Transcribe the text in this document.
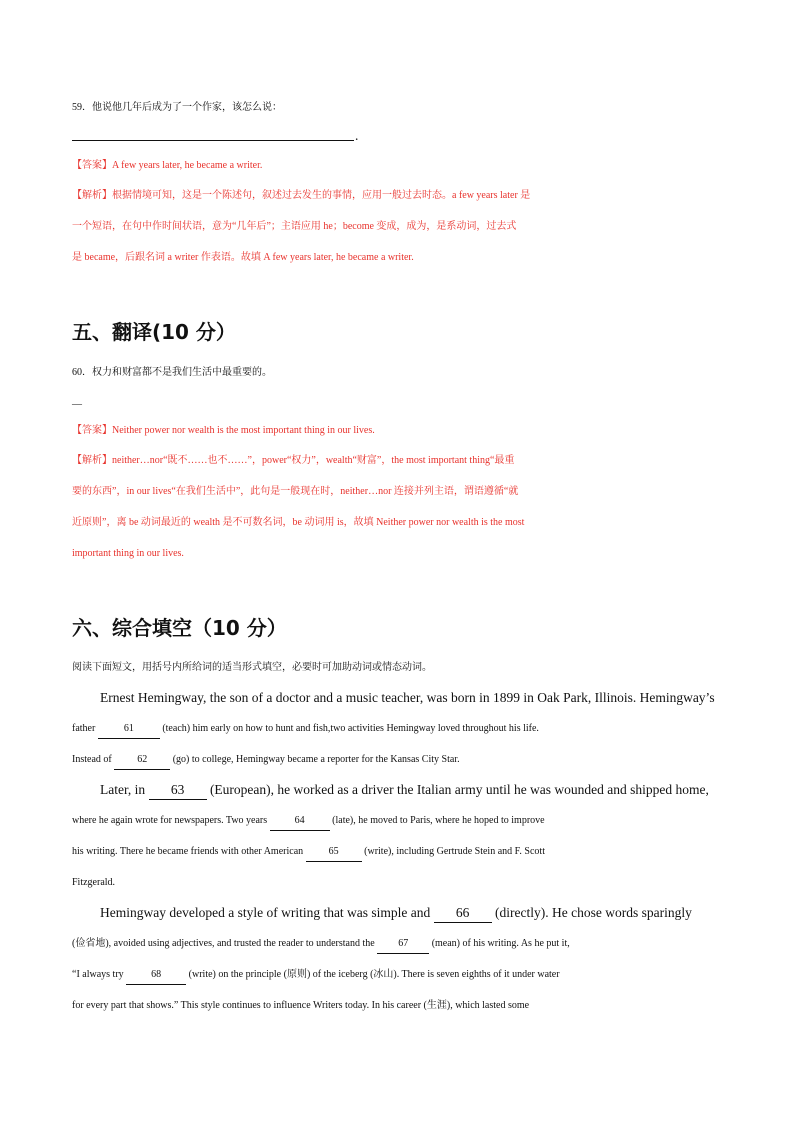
59．他说他几年后成为了一个作家，该怎么说：
.
【答案】A few years later, he became a writer.
【解析】根据情境可知，这是一个陈述句，叙述过去发生的事情，应用一般过去时态。a few years later 是
一个短语，在句中作时间状语，意为“几年后”；主语应用 he；become 变成，成为，是系动词，过去式
是 became，后跟名词 a writer 作表语。故填 A few years later, he became a writer.
五、翻译(10 分）
60．权力和财富都不是我们生活中最重要的。
—
【答案】Neither power nor wealth is the most important thing in our lives.
【解析】neither…nor“既不……也不……”，power“权力”，wealth“财富”，the most important thing“最重
要的东西”，in our lives“在我们生活中”，此句是一般现在时，neither…nor 连接并列主语，谓语遵循“就
近原则”，离 be 动词最近的 wealth 是不可数名词，be 动词用 is，故填 Neither power nor wealth is the most
important thing in our lives.
六、综合填空（10 分）
阅读下面短文，用括号内所给词的适当形式填空，必要时可加助动词或情态动词。
Ernest Hemingway, the son of a doctor and a music teacher, was born in 1899 in Oak Park, Illinois. Hemingway’s
father	61	(teach) him early on how to hunt and fish,two activities Hemingway loved throughout his life.
Instead of 62 (go) to college, Hemingway became a reporter for the Kansas City Star.
Later, in 63 (European), he worked as a driver the Italian army until he was wounded and shipped home,
where he again wrote for newspapers. Two years	64	(late), he moved to Paris, where he hoped to improve
his writing. There he became friends with other American 65 (write), including Gertrude Stein and F. Scott
Fitzgerald.
Hemingway developed a style of writing that was simple and 66 (directly). He chose words sparingly
(俭省地), avoided using adjectives, and trusted the reader to understand the 67 (mean) of his writing. As he put it,
“I always try	68	(write) on the principle (原则) of the iceberg (冰山). There is seven eighths of it under water
for every part that shows.” This style continues to influence Writers today. In his career (生涯), which lasted some
